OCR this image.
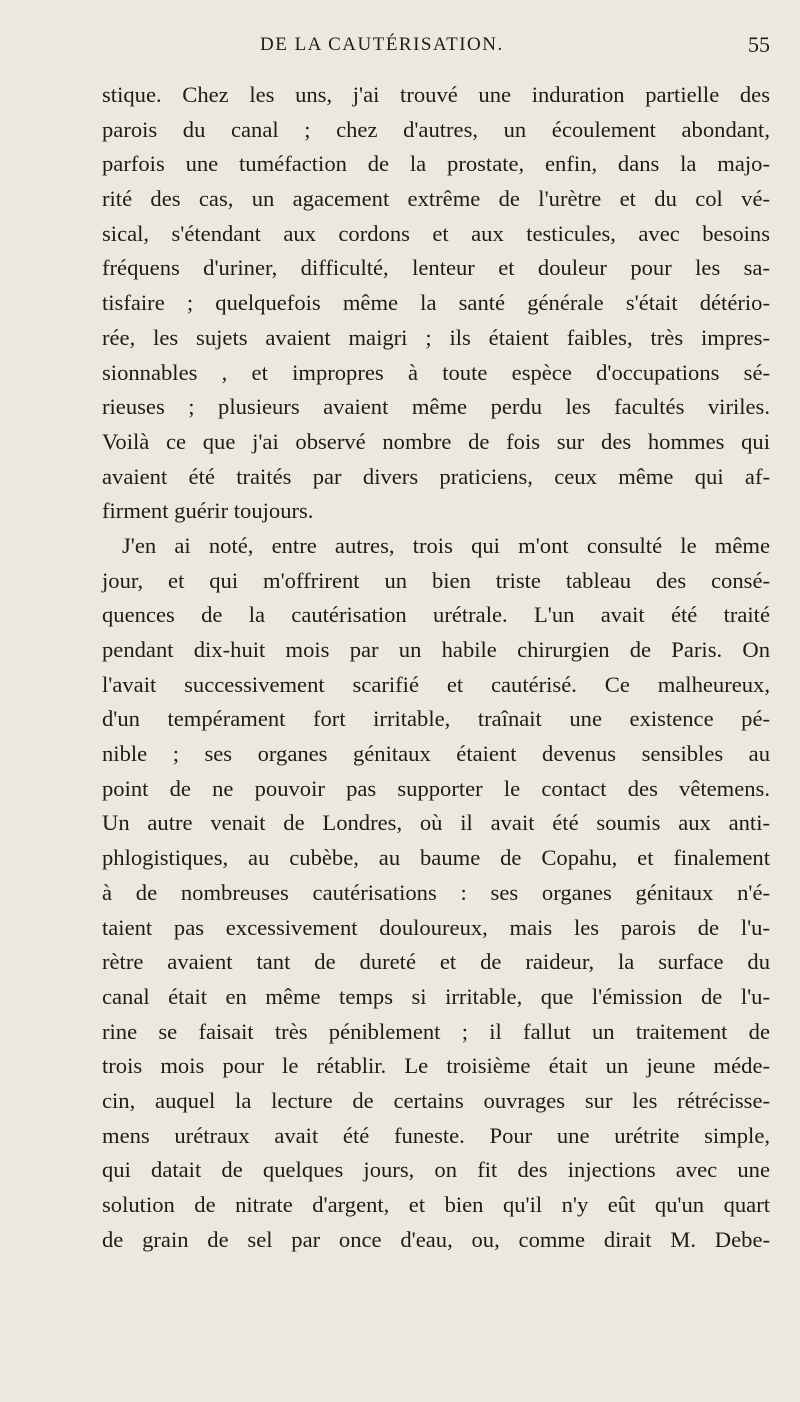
DE LA CAUTÉRISATION.	55
stique. Chez les uns, j'ai trouvé une induration partielle des
parois du canal ; chez d'autres, un écoulement abondant,
parfois une tuméfaction de la prostate, enfin, dans la majo-
rité des cas, un agacement extrême de l'urètre et du col vé-
sical, s'étendant aux cordons et aux testicules, avec besoins
fréquens d'uriner, difficulté, lenteur et douleur pour les sa-
tisfaire ; quelquefois même la santé générale s'était détério-
rée, les sujets avaient maigri ; ils étaient faibles, très impres-
sionnables , et impropres à toute espèce d'occupations sé-
rieuses ; plusieurs avaient même perdu les facultés viriles.
Voilà ce que j'ai observé nombre de fois sur des hommes qui
avaient été traités par divers praticiens, ceux même qui af-
firment guérir toujours.
J'en ai noté, entre autres, trois qui m'ont consulté le même
jour, et qui m'offrirent un bien triste tableau des consé-
quences de la cautérisation urétrale. L'un avait été traité
pendant dix-huit mois par un habile chirurgien de Paris. On
l'avait successivement scarifié et cautérisé. Ce malheureux,
d'un tempérament fort irritable, traînait une existence pé-
nible ; ses organes génitaux étaient devenus sensibles au
point de ne pouvoir pas supporter le contact des vêtemens.
Un autre venait de Londres, où il avait été soumis aux anti-
phlogistiques, au cubèbe, au baume de Copahu, et finalement
à de nombreuses cautérisations : ses organes génitaux n'é-
taient pas excessivement douloureux, mais les parois de l'u-
rètre avaient tant de dureté et de raideur, la surface du
canal était en même temps si irritable, que l'émission de l'u-
rine se faisait très péniblement ; il fallut un traitement de
trois mois pour le rétablir. Le troisième était un jeune méde-
cin, auquel la lecture de certains ouvrages sur les rétrécisse-
mens urétraux avait été funeste. Pour une urétrite simple,
qui datait de quelques jours, on fit des injections avec une
solution de nitrate d'argent, et bien qu'il n'y eût qu'un quart
de grain de sel par once d'eau, ou, comme dirait M. Debe-
